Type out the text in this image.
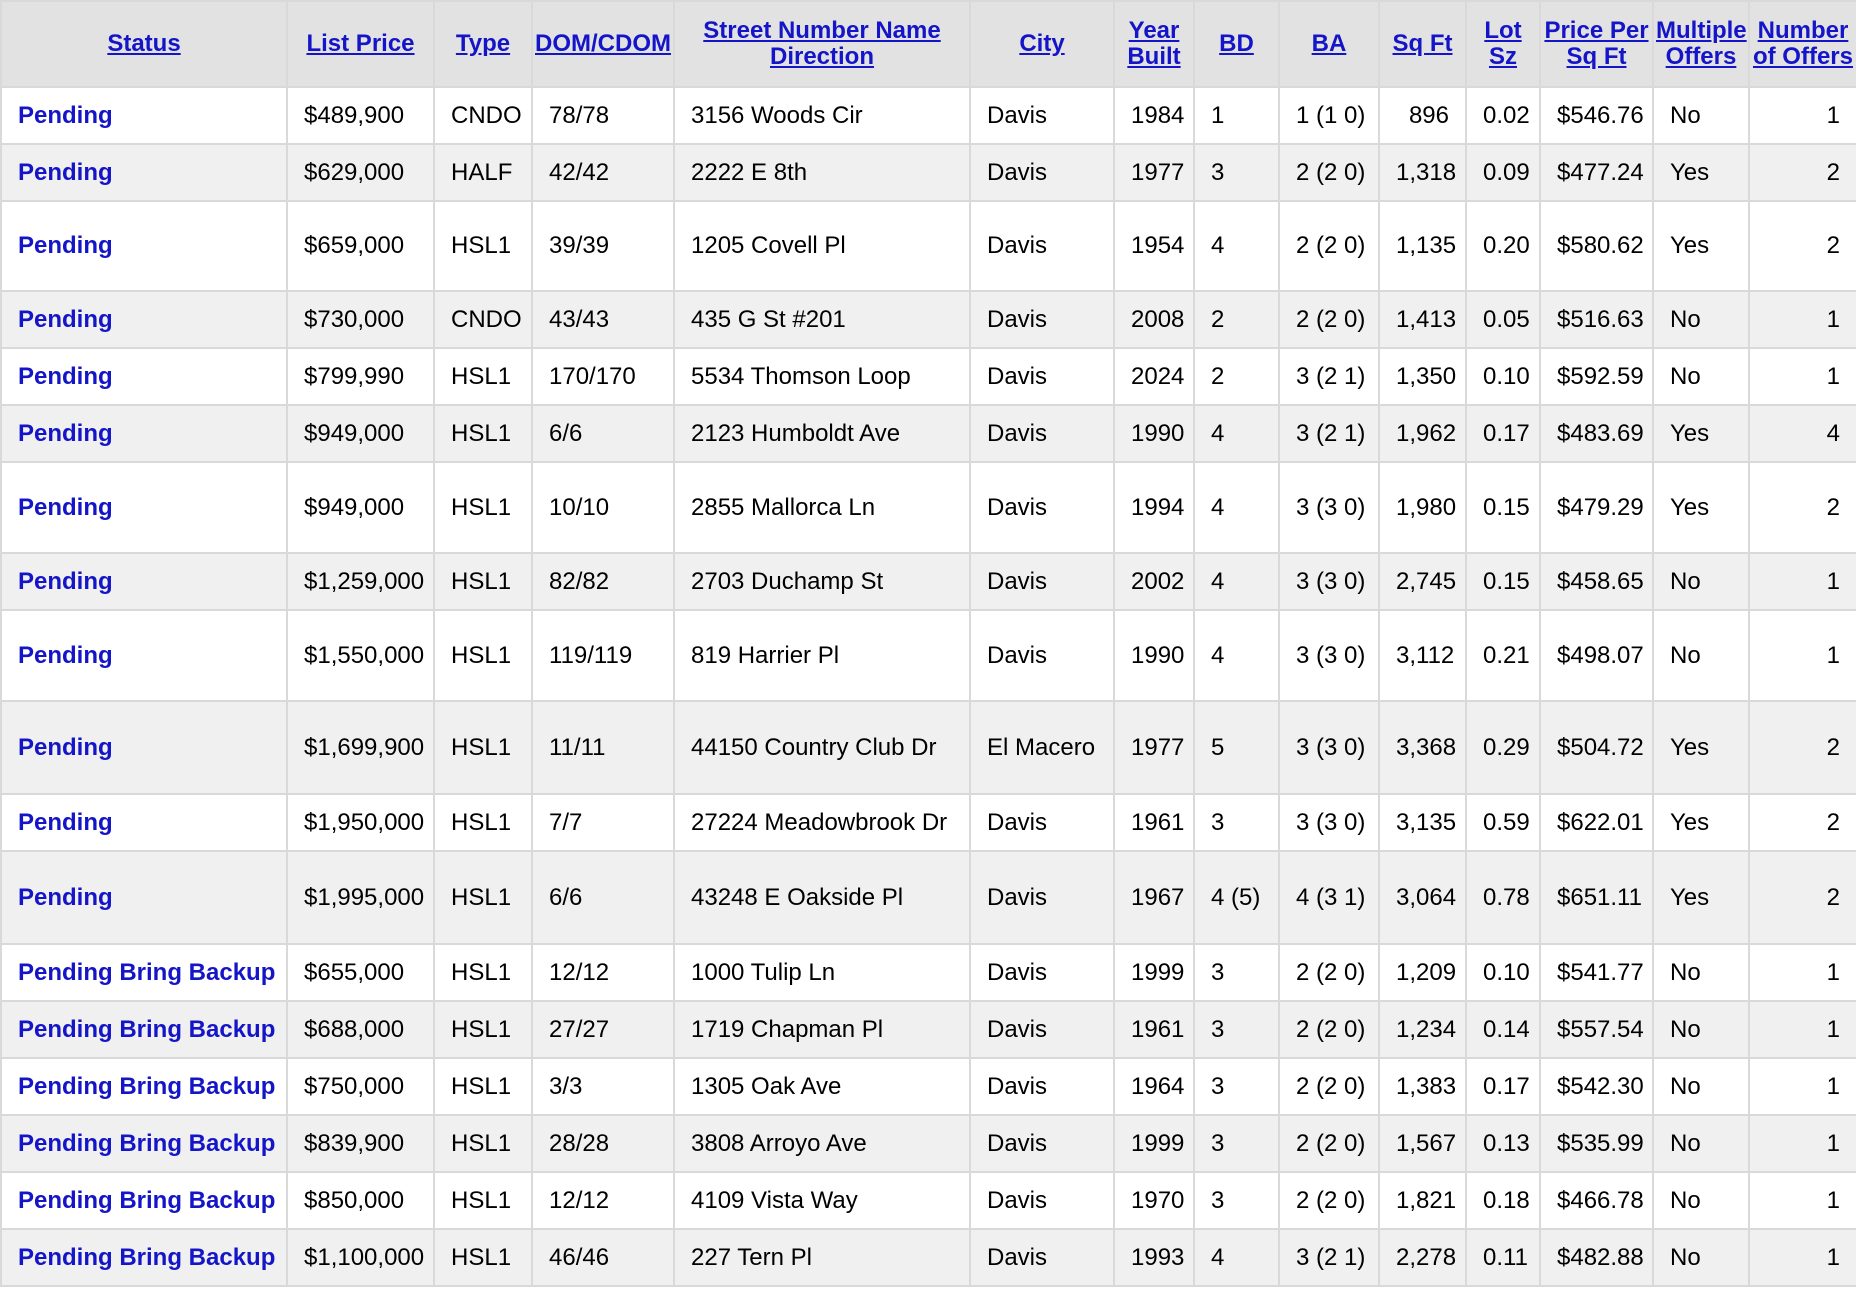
Status	List Price	Type	DOM/CDOM	Street Number Name Direction	City	Year Built	BD	BA	Sq Ft	Lot Sz	Price Per Sq Ft	Multiple Offers	Number of Offers
Pending	$489,900	CNDO	78/78	3156 Woods Cir	Davis	1984	1	1 (1 0)	896	0.02	$546.76	No	1
Pending	$629,000	HALF	42/42	2222 E 8th	Davis	1977	3	2 (2 0)	1,318	0.09	$477.24	Yes	2
Pending	$659,000	HSL1	39/39	1205 Covell Pl	Davis	1954	4	2 (2 0)	1,135	0.20	$580.62	Yes	2
Pending	$730,000	CNDO	43/43	435 G St #201	Davis	2008	2	2 (2 0)	1,413	0.05	$516.63	No	1
Pending	$799,990	HSL1	170/170	5534 Thomson Loop	Davis	2024	2	3 (2 1)	1,350	0.10	$592.59	No	1
Pending	$949,000	HSL1	6/6	2123 Humboldt Ave	Davis	1990	4	3 (2 1)	1,962	0.17	$483.69	Yes	4
Pending	$949,000	HSL1	10/10	2855 Mallorca Ln	Davis	1994	4	3 (3 0)	1,980	0.15	$479.29	Yes	2
Pending	$1,259,000	HSL1	82/82	2703 Duchamp St	Davis	2002	4	3 (3 0)	2,745	0.15	$458.65	No	1
Pending	$1,550,000	HSL1	119/119	819 Harrier Pl	Davis	1990	4	3 (3 0)	3,112	0.21	$498.07	No	1
Pending	$1,699,900	HSL1	11/11	44150 Country Club Dr	El Macero	1977	5	3 (3 0)	3,368	0.29	$504.72	Yes	2
Pending	$1,950,000	HSL1	7/7	27224 Meadowbrook Dr	Davis	1961	3	3 (3 0)	3,135	0.59	$622.01	Yes	2
Pending	$1,995,000	HSL1	6/6	43248 E Oakside Pl	Davis	1967	4 (5)	4 (3 1)	3,064	0.78	$651.11	Yes	2
Pending Bring Backup	$655,000	HSL1	12/12	1000 Tulip Ln	Davis	1999	3	2 (2 0)	1,209	0.10	$541.77	No	1
Pending Bring Backup	$688,000	HSL1	27/27	1719 Chapman Pl	Davis	1961	3	2 (2 0)	1,234	0.14	$557.54	No	1
Pending Bring Backup	$750,000	HSL1	3/3	1305 Oak Ave	Davis	1964	3	2 (2 0)	1,383	0.17	$542.30	No	1
Pending Bring Backup	$839,900	HSL1	28/28	3808 Arroyo Ave	Davis	1999	3	2 (2 0)	1,567	0.13	$535.99	No	1
Pending Bring Backup	$850,000	HSL1	12/12	4109 Vista Way	Davis	1970	3	2 (2 0)	1,821	0.18	$466.78	No	1
Pending Bring Backup	$1,100,000	HSL1	46/46	227 Tern Pl	Davis	1993	4	3 (2 1)	2,278	0.11	$482.88	No	1
